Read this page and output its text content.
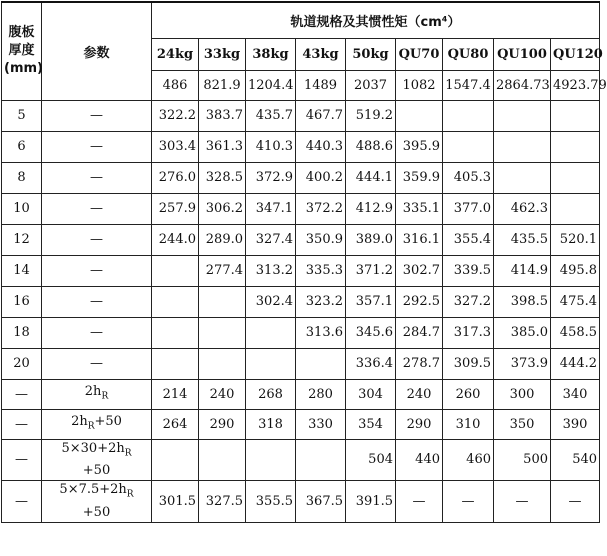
腹板
厚度
(mm)	参数	轨道规格及其惯性矩（cm⁴）								
		24kg	33kg	38kg	43kg	50kg	QU70	QU80	QU100	QU120
		486	821.9	1204.4	1489	2037	1082	1547.4	2864.73	4923.79
5	—	322.2	383.7	435.7	467.7	519.2				
6	—	303.4	361.3	410.3	440.3	488.6	395.9			
8	—	276.0	328.5	372.9	400.2	444.1	359.9	405.3		
10	—	257.9	306.2	347.1	372.2	412.9	335.1	377.0	462.3	
12	—	244.0	289.0	327.4	350.9	389.0	316.1	355.4	435.5	520.1
14	—		277.4	313.2	335.3	371.2	302.7	339.5	414.9	495.8
16	—			302.4	323.2	357.1	292.5	327.2	398.5	475.4
18	—				313.6	345.6	284.7	317.3	385.0	458.5
20	—					336.4	278.7	309.5	373.9	444.2
—	$2h_R$	214	240	268	280	304	240	260	300	340
—	$2h_R+50$	264	290	318	330	354	290	310	350	390
—	$5\times 30+2h_R$
+50					504	440	460	500	540
—	$5\times 7.5+2h_R$
+50	301.5	327.5	355.5	367.5	391.5	—	—	—	—
